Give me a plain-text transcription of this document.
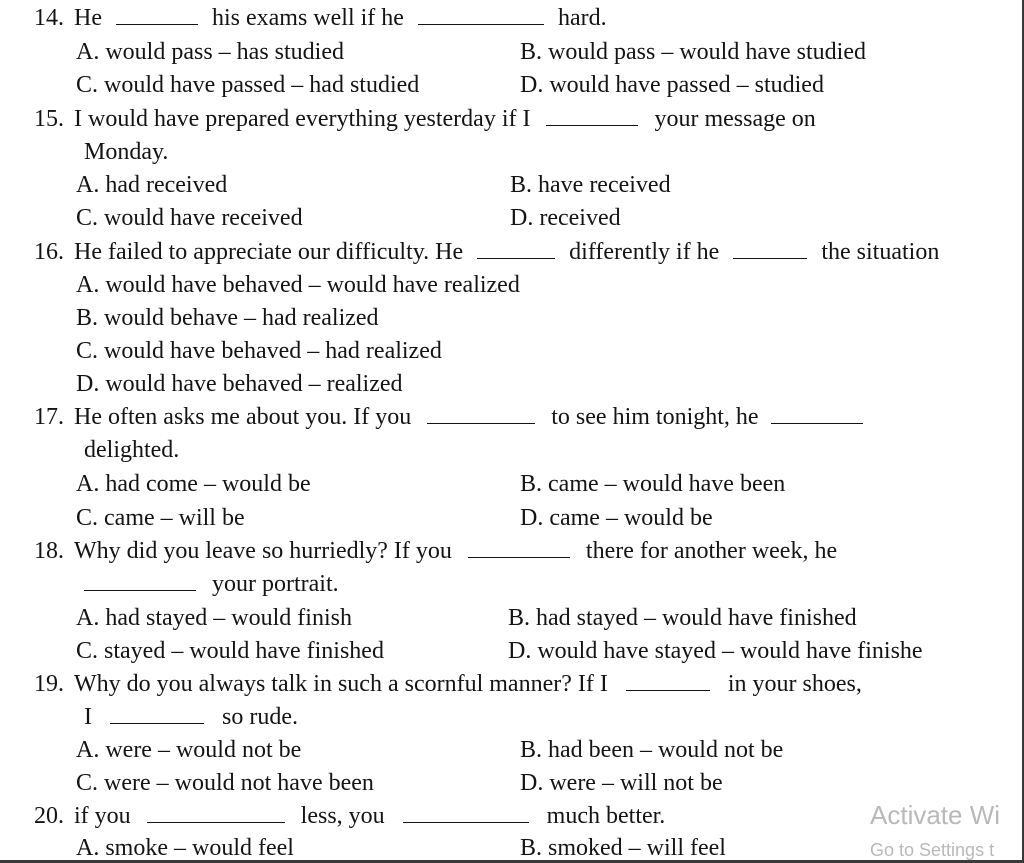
14. He	his exams well if he	hard.
A. would pass – has studied	B. would pass – would have studied
C. would have passed – had studied	D. would have passed – studied
15. I would have prepared everything yesterday if I	your message on
Monday.
A. had received	B. have received
C. would have received	D. received
16. He failed to appreciate our difficulty. He	differently if he	the situation
A. would have behaved – would have realized
B. would behave – had realized
C. would have behaved – had realized
D. would have behaved – realized
17. He often asks me about you. If you	to see him tonight, he
delighted.
A. had come – would be	B. came – would have been
C. came – will be	D. came – would be
18. Why did you leave so hurriedly? If you	there for another week, he
your portrait.
A. had stayed – would finish	B. had stayed – would have finished
C. stayed – would have finished	D. would have stayed – would have finishe
19. Why do you always talk in such a scornful manner? If I	in your shoes,
I	so rude.
A. were – would not be	B. had been – would not be
C. were – would not have been	D. were – will not be
20. if you	less, you	much better.
A. smoke – would feel	B. smoked – will feel
Activate Wi
Go to Settings t
